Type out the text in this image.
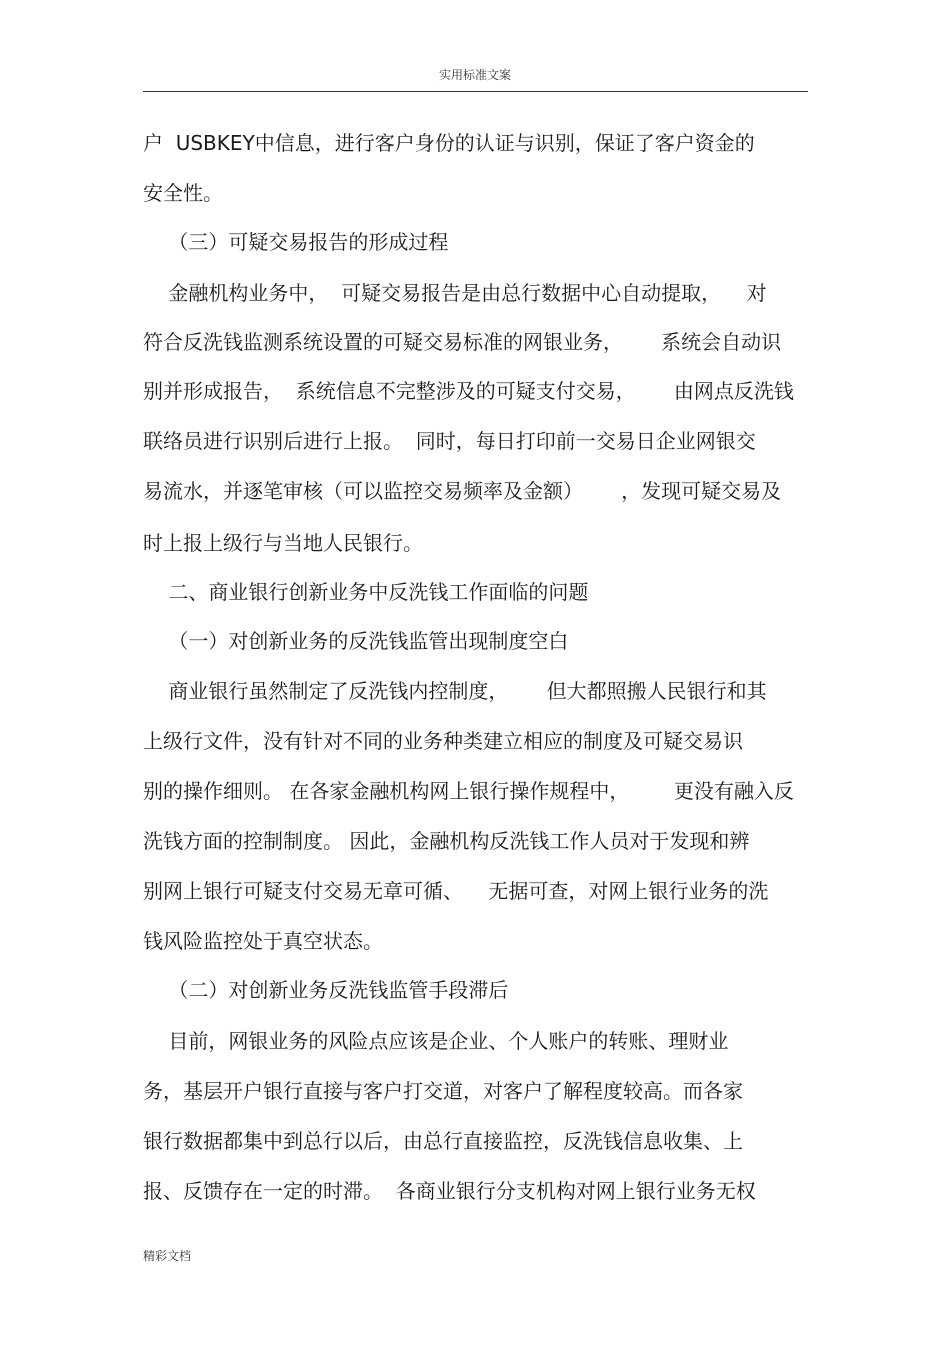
实用标准文案
户  USBKEY中信息，进行客户身份的认证与识别，保证了客户资金的
安全性。
（三）可疑交易报告的形成过程
金融机构业务中，  可疑交易报告是由总行数据中心自动提取，    对
符合反洗钱监测系统设置的可疑交易标准的网银业务，      系统会自动识
别并形成报告，  系统信息不完整涉及的可疑支付交易，      由网点反洗钱
联络员进行识别后进行上报。  同时，每日打印前一交易日企业网银交
易流水，并逐笔审核（可以监控交易频率及金额）      ，发现可疑交易及
时上报上级行与当地人民银行。
二、商业银行创新业务中反洗钱工作面临的问题
（一）对创新业务的反洗钱监管出现制度空白
商业银行虽然制定了反洗钱内控制度，      但大都照搬人民银行和其
上级行文件，没有针对不同的业务种类建立相应的制度及可疑交易识
别的操作细则。 在各家金融机构网上银行操作规程中，       更没有融入反
洗钱方面的控制制度。 因此，金融机构反洗钱工作人员对于发现和辨
别网上银行可疑支付交易无章可循、    无据可查，对网上银行业务的洗
钱风险监控处于真空状态。
（二）对创新业务反洗钱监管手段滞后
目前，网银业务的风险点应该是企业、个人账户的转账、理财业
务，基层开户银行直接与客户打交道，对客户了解程度较高。而各家
银行数据都集中到总行以后，由总行直接监控，反洗钱信息收集、上
报、反馈存在一定的时滞。  各商业银行分支机构对网上银行业务无权
精彩文档
